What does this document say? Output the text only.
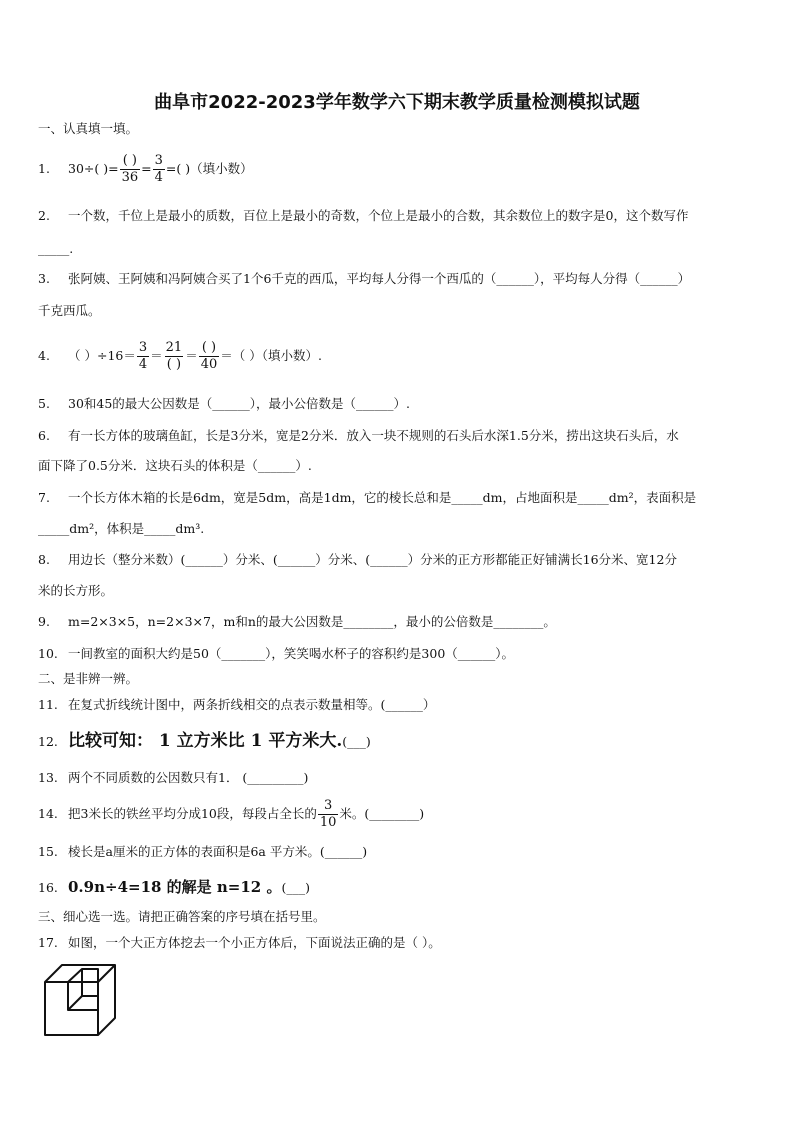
曲阜市2022-2023学年数学六下期末教学质量检测模拟试题
一、认真填一填。
1. 30÷( )= $\frac{( )}{36} = \frac{3}{4}$ =( )（填小数）
2. 一个数，千位上是最小的质数，百位上是最小的奇数，个位上是最小的合数，其余数位上的数字是0，这个数写作
_____.
3. 张阿姨、王阿姨和冯阿姨合买了1个6千克的西瓜，平均每人分得一个西瓜的（______），平均每人分得（______）
千克西瓜。
4. （ ）$\div 16= \frac{3}{4} = \frac{21}{( )} = \frac{( )}{40}$ ＝（ ）（填小数）.
5. 30和45的最大公因数是（______），最小公倍数是（______）.
6. 有一长方体的玻璃鱼缸，长是3分米，宽是2分米．放入一块不规则的石头后水深1.5分米，捞出这块石头后，水
面下降了0.5分米．这块石头的体积是（______）.
7. 一个长方体木箱的长是6dm，宽是5dm，高是1dm，它的棱长总和是_____dm，占地面积是_____dm²，表面积是
_____dm²，体积是_____dm³.
8. 用边长（整分米数）(______）分米、(______）分米、(______）分米的正方形都能正好铺满长16分米、宽12分
米的长方形。
9. m=2×3×5，n=2×3×7，m和n的最大公因数是________，最小的公倍数是________。
10. 一间教室的面积大约是50（_______），笑笑喝水杯子的容积约是300（______）。
二、是非辨一辨。
11. 在复式折线统计图中，两条折线相交的点表示数量相等。(______）
12. 比较可知： 1 立方米比 1 平方米大.(___)
13. 两个不同质数的公因数只有1． (_________)
14. 把3米长的铁丝平均分成10段，每段占全长的 $\frac{3}{10}$ 米。(________)
15. 棱长是a厘米的正方体的表面积是6a 平方米。(______)
16. 0.9n÷4=18 的解是 n=12 。(___)
三、细心选一选。请把正确答案的序号填在括号里。
17. 如图，一个大正方体挖去一个小正方体后，下面说法正确的是（ ）。
